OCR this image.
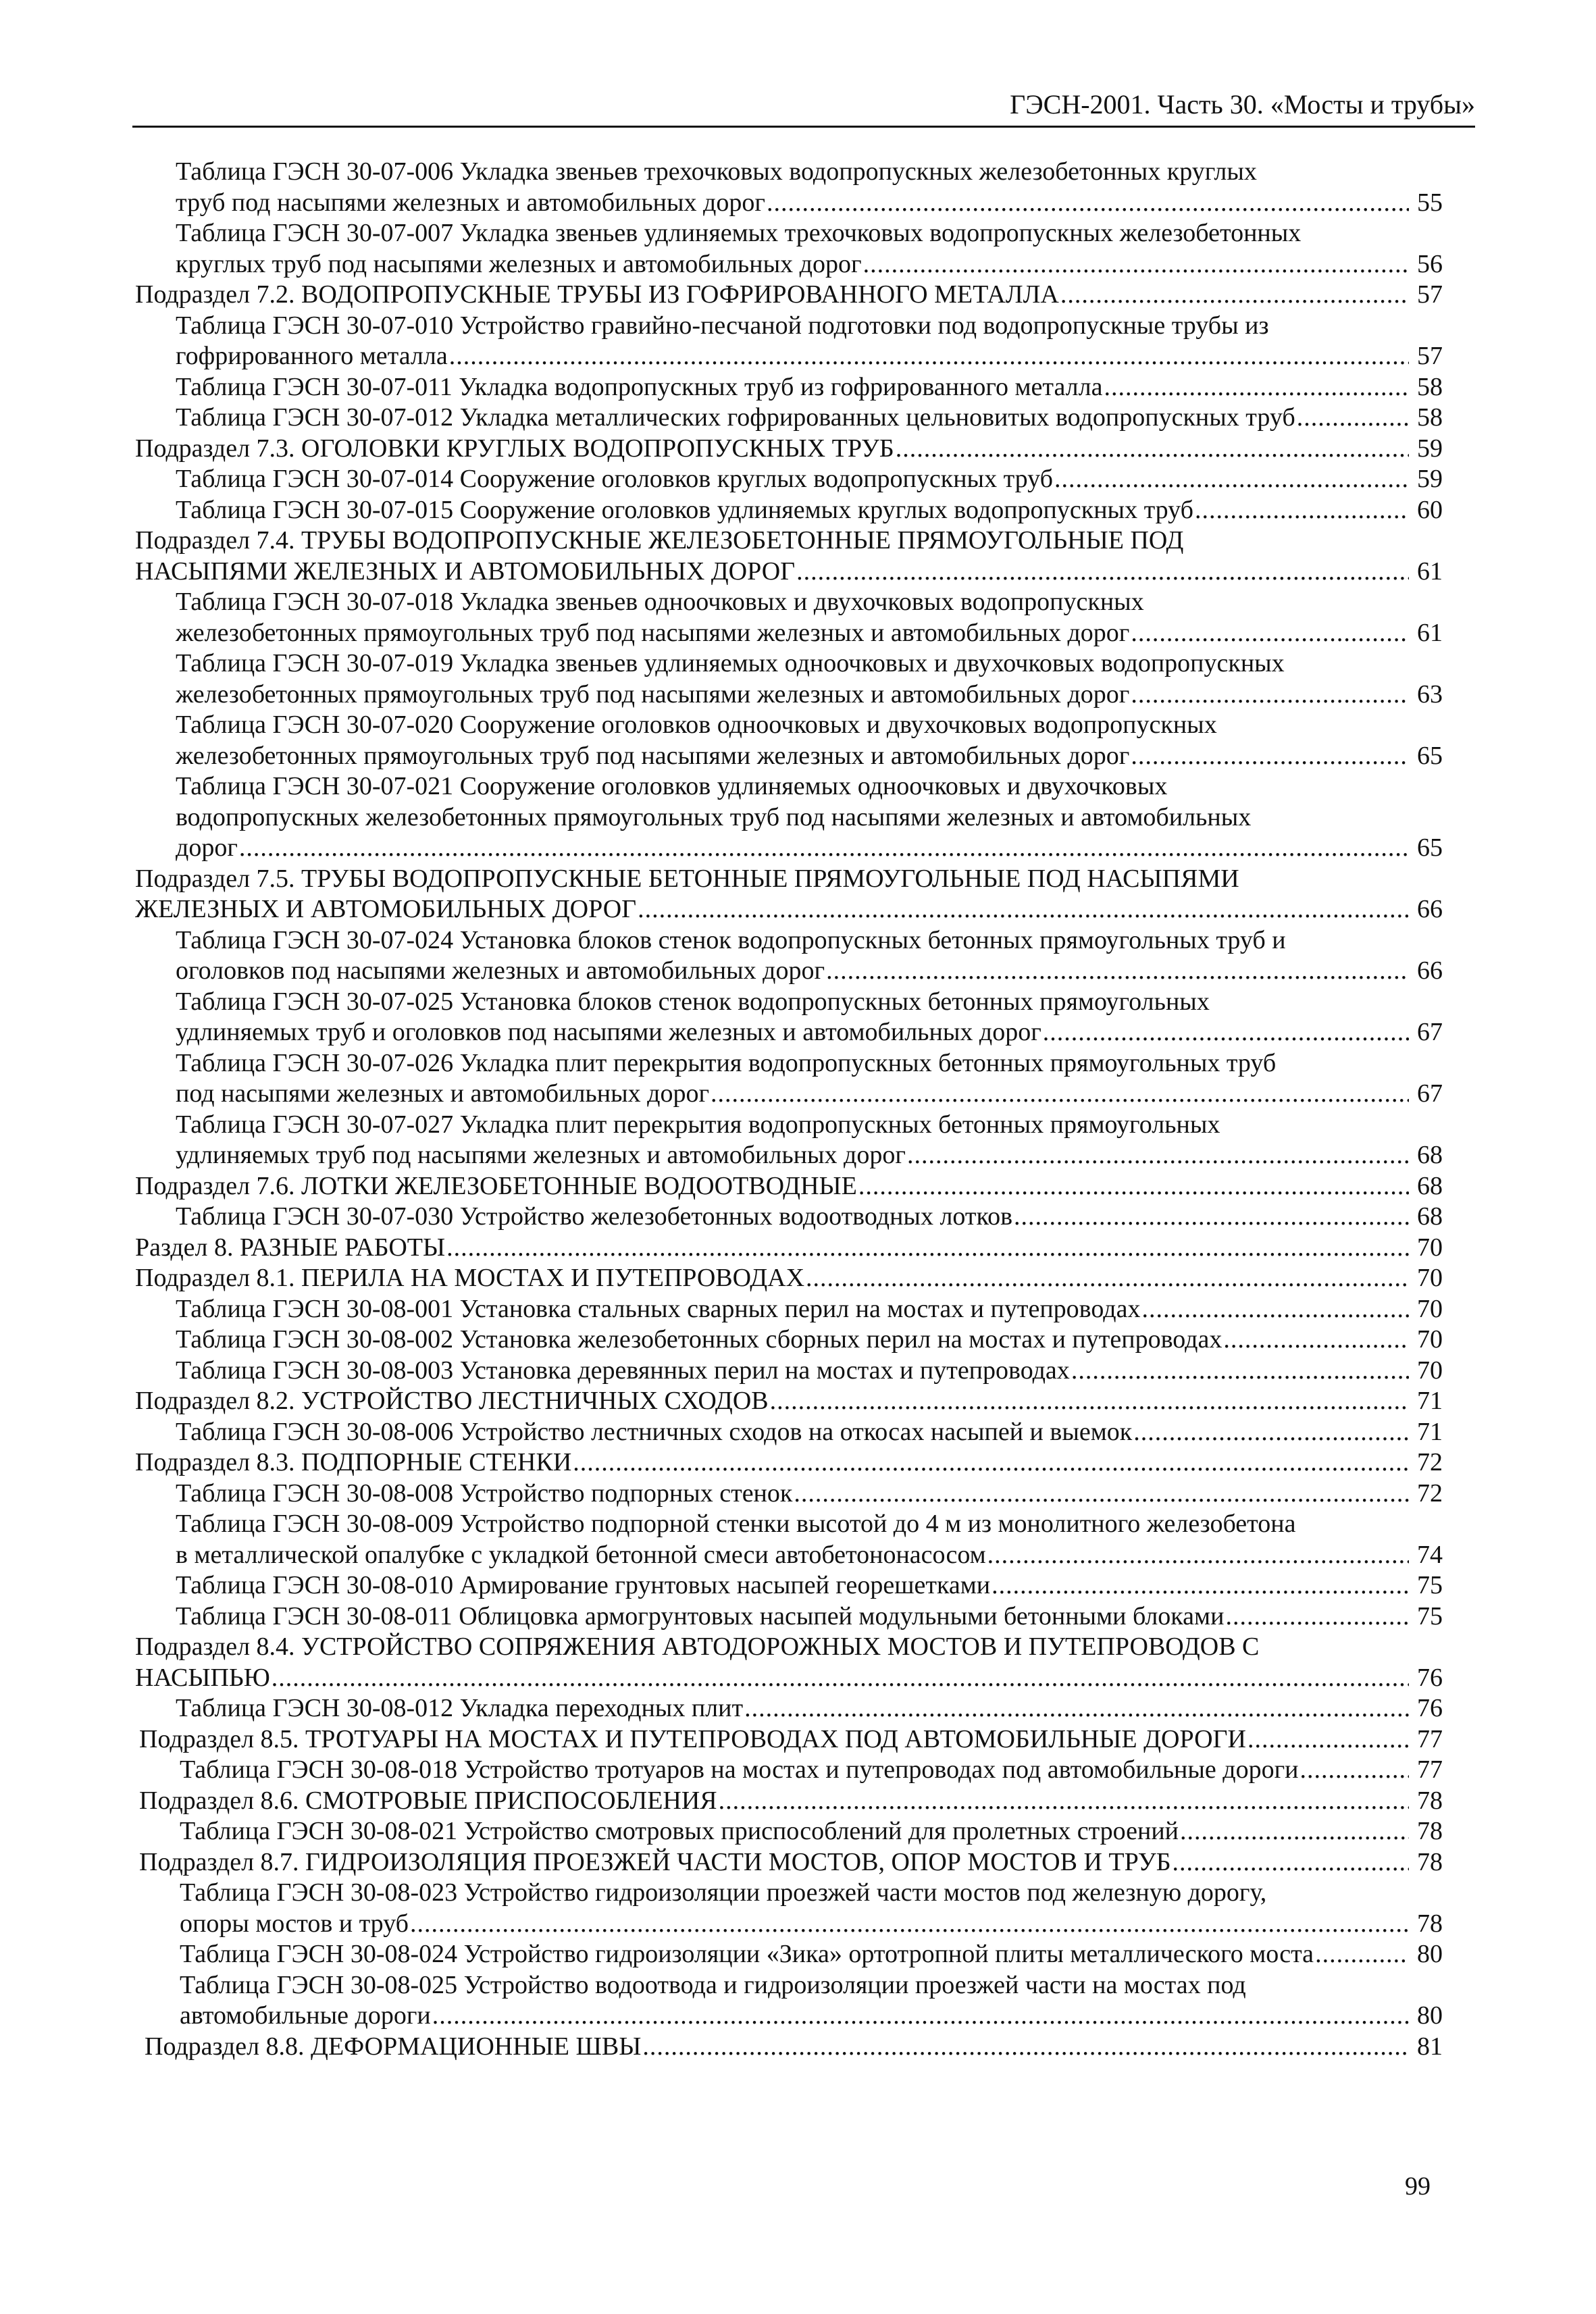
ГЭСН-2001. Часть 30. «Мосты и трубы»
Таблица ГЭСН 30-07-006 Укладка звеньев трехочковых водопропускных железобетонных круглых
труб под насыпями железных и автомобильных дорог .....	55
Таблица ГЭСН 30-07-007 Укладка звеньев удлиняемых трехочковых водопропускных железобетонных
круглых труб под насыпями железных и автомобильных дорог .....	56
Подраздел 7.2. ВОДОПРОПУСКНЫЕ ТРУБЫ ИЗ ГОФРИРОВАННОГО МЕТАЛЛА .....	57
Таблица ГЭСН 30-07-010 Устройство гравийно-песчаной подготовки под водопропускные трубы из
гофрированного металла .....	57
Таблица ГЭСН 30-07-011 Укладка водопропускных труб из гофрированного металла .....	58
Таблица ГЭСН 30-07-012 Укладка металлических гофрированных цельновитых водопропускных труб .....	58
Подраздел 7.3. ОГОЛОВКИ КРУГЛЫХ ВОДОПРОПУСКНЫХ ТРУБ .....	59
Таблица ГЭСН 30-07-014 Сооружение оголовков круглых водопропускных труб .....	59
Таблица ГЭСН 30-07-015 Сооружение оголовков удлиняемых круглых водопропускных труб .....	60
Подраздел 7.4. ТРУБЫ ВОДОПРОПУСКНЫЕ ЖЕЛЕЗОБЕТОННЫЕ ПРЯМОУГОЛЬНЫЕ ПОД
НАСЫПЯМИ ЖЕЛЕЗНЫХ И АВТОМОБИЛЬНЫХ ДОРОГ .....	61
Таблица ГЭСН 30-07-018 Укладка звеньев одноочковых и двухочковых водопропускных
железобетонных прямоугольных труб под насыпями железных и автомобильных дорог .....	61
Таблица ГЭСН 30-07-019 Укладка звеньев удлиняемых одноочковых и двухочковых водопропускных
железобетонных прямоугольных труб под насыпями железных и автомобильных дорог .....	63
Таблица ГЭСН 30-07-020 Сооружение оголовков одноочковых и двухочковых водопропускных
железобетонных прямоугольных труб под насыпями железных и автомобильных дорог .....	65
Таблица ГЭСН 30-07-021 Сооружение оголовков удлиняемых одноочковых и двухочковых
водопропускных железобетонных прямоугольных труб под насыпями железных и автомобильных
дорог .....	65
Подраздел 7.5. ТРУБЫ ВОДОПРОПУСКНЫЕ БЕТОННЫЕ ПРЯМОУГОЛЬНЫЕ ПОД НАСЫПЯМИ
ЖЕЛЕЗНЫХ И АВТОМОБИЛЬНЫХ ДОРОГ .....	66
Таблица ГЭСН 30-07-024 Установка блоков стенок водопропускных бетонных прямоугольных труб и
оголовков под насыпями железных и автомобильных дорог .....	66
Таблица ГЭСН 30-07-025 Установка блоков стенок водопропускных бетонных прямоугольных
удлиняемых труб и оголовков под насыпями железных и автомобильных дорог .....	67
Таблица ГЭСН 30-07-026 Укладка плит перекрытия водопропускных бетонных прямоугольных труб
под насыпями железных и автомобильных дорог .....	67
Таблица ГЭСН 30-07-027 Укладка плит перекрытия водопропускных бетонных прямоугольных
удлиняемых труб под насыпями железных и автомобильных дорог .....	68
Подраздел 7.6. ЛОТКИ ЖЕЛЕЗОБЕТОННЫЕ ВОДООТВОДНЫЕ .....	68
Таблица ГЭСН 30-07-030 Устройство железобетонных водоотводных лотков .....	68
Раздел 8. РАЗНЫЕ РАБОТЫ .....	70
Подраздел 8.1. ПЕРИЛА НА МОСТАХ И ПУТЕПРОВОДАХ .....	70
Таблица ГЭСН 30-08-001 Установка стальных сварных перил на мостах и путепроводах .....	70
Таблица ГЭСН 30-08-002 Установка железобетонных сборных перил на мостах и путепроводах .....	70
Таблица ГЭСН 30-08-003 Установка деревянных перил на мостах и путепроводах .....	70
Подраздел 8.2. УСТРОЙСТВО ЛЕСТНИЧНЫХ СХОДОВ .....	71
Таблица ГЭСН 30-08-006 Устройство лестничных сходов на откосах насыпей и выемок .....	71
Подраздел 8.3. ПОДПОРНЫЕ СТЕНКИ .....	72
Таблица ГЭСН 30-08-008 Устройство подпорных стенок .....	72
Таблица ГЭСН 30-08-009 Устройство подпорной стенки высотой до 4 м из монолитного железобетона
в металлической опалубке с укладкой бетонной смеси автобетононасосом .....	74
Таблица ГЭСН 30-08-010 Армирование грунтовых насыпей георешетками .....	75
Таблица ГЭСН 30-08-011 Облицовка армогрунтовых насыпей модульными бетонными блоками .....	75
Подраздел 8.4. УСТРОЙСТВО СОПРЯЖЕНИЯ АВТОДОРОЖНЫХ МОСТОВ И ПУТЕПРОВОДОВ С
НАСЫПЬЮ .....	76
Таблица ГЭСН 30-08-012 Укладка переходных плит .....	76
Подраздел 8.5. ТРОТУАРЫ НА МОСТАХ И ПУТЕПРОВОДАХ ПОД АВТОМОБИЛЬНЫЕ ДОРОГИ .....	77
Таблица ГЭСН 30-08-018 Устройство тротуаров на мостах и путепроводах под автомобильные дороги .....	77
Подраздел 8.6. СМОТРОВЫЕ ПРИСПОСОБЛЕНИЯ .....	78
Таблица ГЭСН 30-08-021 Устройство смотровых приспособлений для пролетных строений .....	78
Подраздел 8.7. ГИДРОИЗОЛЯЦИЯ ПРОЕЗЖЕЙ ЧАСТИ МОСТОВ, ОПОР МОСТОВ И ТРУБ .....	78
Таблица ГЭСН 30-08-023 Устройство гидроизоляции проезжей части мостов под железную дорогу,
опоры мостов и труб .....	78
Таблица ГЭСН 30-08-024 Устройство гидроизоляции «Зика» ортотропной плиты металлического моста .....	80
Таблица ГЭСН 30-08-025 Устройство водоотвода и гидроизоляции проезжей части на мостах под
автомобильные дороги .....	80
Подраздел 8.8. ДЕФОРМАЦИОННЫЕ ШВЫ .....	81
99
